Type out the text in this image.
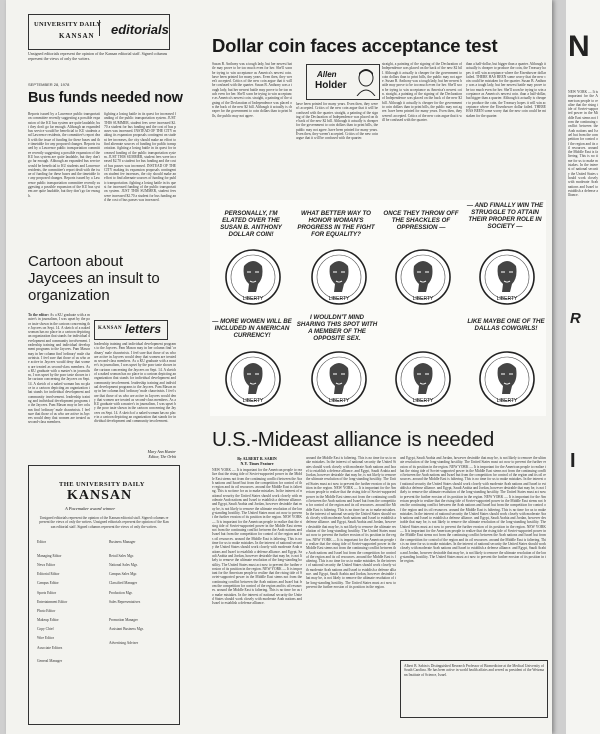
UNIVERSITY DAILY
KANSAN editorials
Unsigned editorials represent the opinion of the Kansan editorial staff. Signed columns represent the views of only the writers.
SEPTEMBER 28, 1978
Bus funds needed now
Reports issued by a Lawrence public transportation committee recently suggesting a possible expansion of the KU bus system are quite laudable, but they don't go far enough. Although an expanded bus service would be beneficial to KU students and Lawrence residents, the committee's report dealt with the issue of funding for these buses and the timetable for any proposed changes. Reports issued by a Lawrence public transportation committee recently suggesting a possible expansion of the KU bus system are quite laudable, but they don't go far enough. Although an expanded bus service would be beneficial to KU students and Lawrence residents, the committee's report dealt with the issue of funding for these buses and the timetable for any proposed changes. Reports issued by a Lawrence public transportation committee recently suggesting a possible expansion of the KU bus system are quite laudable, but they don't go far enough.
fighting a losing battle in its quest for increased funding of the public transportation system. JUST THIS SUMMER, student fees were increased $2.70 a student for bus funding and the cost of bus passes was increased. INSTEAD OF THE CITY making its expansion proposals contingent on student fee increases, the city should make an effort to find alternate sources of funding for public transportation. fighting a losing battle in its quest for increased funding of the public transportation system. JUST THIS SUMMER, student fees were increased $2.70 a student for bus funding and the cost of bus passes was increased. INSTEAD OF THE CITY making its expansion proposals contingent on student fee increases, the city should make an effort to find alternate sources of funding for public transportation. fighting a losing battle in its quest for increased funding of the public transportation system. JUST THIS SUMMER, student fees were increased $2.70 a student for bus funding and the cost of bus passes was increased.
Cartoon about Jaycees an insult to organization
To the editor: As a KU graduate with a master's in journalism, I was upset by the poor taste shown in the cartoon concerning the Jaycees on Sept. 14. A sketch of a naked woman has no place in a cartoon depicting an organization that stands for individual development and community involvement. leadership training and individual development programs to the Jaycees. Pam Mason may in her column find 'ordinary' male chauvinists. I feel sure that those of us who are active in Jaycees would deny that women are treated as second-class members. As a KU graduate with a master's in journalism, I was upset by the poor taste shown in the cartoon concerning the Jaycees on Sept. 14. A sketch of a naked woman has no place in a cartoon depicting an organization that stands for individual development and community involvement. leadership training and individual development programs to the Jaycees. Pam Mason may in her column find 'ordinary' male chauvinists. I feel sure that those of us who are active in Jaycees would deny that women are treated as second-class members.
KANSAN letters
leadership training and individual development programs to the Jaycees. Pam Mason may in her column find 'ordinary' male chauvinists. I feel sure that those of us who are active in Jaycees would deny that women are treated as second-class members. As a KU graduate with a master's in journalism, I was upset by the poor taste shown in the cartoon concerning the Jaycees on Sept. 14. A sketch of a naked woman has no place in a cartoon depicting an organization that stands for individual development and community involvement. leadership training and individual development programs to the Jaycees. Pam Mason may in her column find 'ordinary' male chauvinists. I feel sure that those of us who are active in Jaycees would deny that women are treated as second-class members. As a KU graduate with a master's in journalism, I was upset by the poor taste shown in the cartoon concerning the Jaycees on Sept. 14. A sketch of a naked woman has no place in a cartoon depicting an organization that stands for individual development and community involvement.
Mary Ann Hunter
Editor, The Orbit
THE UNIVERSITY DAILY
KANSAN
A Pacemaker award winner
Unsigned editorials represent the opinion of the Kansan editorial staff. Signed columns represent the views of only the writers. Unsigned editorials represent the opinion of the Kansan editorial staff. Signed columns represent the views of only the writers.
Editor

Managing Editor

News Editor

Editorial Editor

Campus Editor

Sports Editor

Entertainment Editor

Photo Editor

Makeup Editor

Copy Chief

Wire Editor

Associate Editors

General Manager
Business Manager

Retail Sales Mgr.

National Sales Mgr.

Campus Sales Mgr.

Classified Manager

Production Mgr.

Sales Representatives

Promotion Manager

Assistant Business Mgr.

Advertising Adviser
Dollar coin faces acceptance test
Susan B. Anthony was a tough lady, but her newest battle may prove to be too much even for her. She'll soon be trying to win acceptance as America's newest coin. have been printed for many years. Even then, they weren't accepted. Critics of the new coin argue that it will be confused with the quarter. Susan B. Anthony was a tough lady, but her newest battle may prove to be too much even for her. She'll soon be trying to win acceptance as America's newest coin. straight, a painting of the signing of the Declaration of Independence was placed on the back of the new $2 bill. Although it actually is cheaper for the government to coin dollars than to print bills, the public may not agree.
Allen
Holder
have been printed for many years. Even then, they weren't accepted. Critics of the new coin argue that it will be confused with the quarter. straight, a painting of the signing of the Declaration of Independence was placed on the back of the new $2 bill. Although it actually is cheaper for the government to coin dollars than to print bills, the public may not agree. have been printed for many years. Even then, they weren't accepted. Critics of the new coin argue that it will be confused with the quarter.
straight, a painting of the signing of the Declaration of Independence was placed on the back of the new $2 bill. Although it actually is cheaper for the government to coin dollars than to print bills, the public may not agree. Susan B. Anthony was a tough lady, but her newest battle may prove to be too much even for her. She'll soon be trying to win acceptance as America's newest coin. straight, a painting of the signing of the Declaration of Independence was placed on the back of the new $2 bill. Although it actually is cheaper for the government to coin dollars than to print bills, the public may not agree. have been printed for many years. Even then, they weren't accepted. Critics of the new coin argue that it will be confused with the quarter.
than a half-dollar, but bigger than a quarter. Although it actually is cheaper to produce the coin, the Treasury hopes it will win acceptance where the Eisenhower dollar failed. THERE HAS BEEN some worry that the new coin could be mistaken for the quarter. Susan B. Anthony was a tough lady, but her newest battle may prove to be too much even for her. She'll soon be trying to win acceptance as America's newest coin. than a half-dollar, but bigger than a quarter. Although it actually is cheaper to produce the coin, the Treasury hopes it will win acceptance where the Eisenhower dollar failed. THERE HAS BEEN some worry that the new coin could be mistaken for the quarter.
PERSONALLY, I'M ELATED OVER THE SUSAN B. ANTHONY DOLLAR COIN!
WHAT BETTER WAY TO HONOR WOMAN'S PROGRESS IN THE FIGHT FOR EQUALITY?
ONCE THEY THROW OFF THE SHACKLES OF OPPRESSION —
— AND FINALLY WIN THE STRUGGLE TO ATTAIN THEIR PROPER ROLE IN SOCIETY —
— MORE WOMEN WILL BE INCLUDED IN AMERICAN CURRENCY!
I WOULDN'T MIND SHARING THIS SPOT WITH A MEMBER OF THE OPPOSITE SEX.
LIKE MAYBE ONE OF THE DALLAS COWGIRLS!
LIBERTY	LIBERTY	LIBERTY	LIBERTY
LIBERTY	LIBERTY	LIBERTY	LIBERTY
U.S.-Mideast alliance is needed
By ALBERT B. SABIN
N.Y. Times Feature
NEW YORK — It is important for the American people to realize that the rising tide of Soviet-supported power in the Middle East stems not from the continuing conflict between the Arab nations and Israel but from the competition for control of the region and its oil resources. around the Middle East is faltering. This is no time for us to make mistakes. In the interest of national security the United States should work closely with moderate Arab nations and Israel to establish a defense alliance. and Egypt, Saudi Arabia and Jordan, however desirable that may be, is not likely to remove the ultimate resolution of the long-standing hostility. The United States must act now to prevent the further erosion of its position in the region. NEW YORK — It is important for the American people to realize that the rising tide of Soviet-supported power in the Middle East stems not from the continuing conflict between the Arab nations and Israel but from the competition for control of the region and its oil resources. around the Middle East is faltering. This is no time for us to make mistakes. In the interest of national security the United States should work closely with moderate Arab nations and Israel to establish a defense alliance. and Egypt, Saudi Arabia and Jordan, however desirable that may be, is not likely to remove the ultimate resolution of the long-standing hostility. The United States must act now to prevent the further erosion of its position in the region. NEW YORK — It is important for the American people to realize that the rising tide of Soviet-supported power in the Middle East stems not from the continuing conflict between the Arab nations and Israel but from the competition for control of the region and its oil resources. around the Middle East is faltering. This is no time for us to make mistakes. In the interest of national security the United States should work closely with moderate Arab nations and Israel to establish a defense alliance.
around the Middle East is faltering. This is no time for us to make mistakes. In the interest of national security the United States should work closely with moderate Arab nations and Israel to establish a defense alliance. and Egypt, Saudi Arabia and Jordan, however desirable that may be, is not likely to remove the ultimate resolution of the long-standing hostility. The United States must act now to prevent the further erosion of its position in the region. NEW YORK — It is important for the American people to realize that the rising tide of Soviet-supported power in the Middle East stems not from the continuing conflict between the Arab nations and Israel but from the competition for control of the region and its oil resources. around the Middle East is faltering. This is no time for us to make mistakes. In the interest of national security the United States should work closely with moderate Arab nations and Israel to establish a defense alliance. and Egypt, Saudi Arabia and Jordan, however desirable that may be, is not likely to remove the ultimate resolution of the long-standing hostility. The United States must act now to prevent the further erosion of its position in the region. NEW YORK — It is important for the American people to realize that the rising tide of Soviet-supported power in the Middle East stems not from the continuing conflict between the Arab nations and Israel but from the competition for control of the region and its oil resources. around the Middle East is faltering. This is no time for us to make mistakes. In the interest of national security the United States should work closely with moderate Arab nations and Israel to establish a defense alliance. and Egypt, Saudi Arabia and Jordan, however desirable that may be, is not likely to remove the ultimate resolution of the long-standing hostility. The United States must act now to prevent the further erosion of its position in the region.
and Egypt, Saudi Arabia and Jordan, however desirable that may be, is not likely to remove the ultimate resolution of the long-standing hostility. The United States must act now to prevent the further erosion of its position in the region. NEW YORK — It is important for the American people to realize that the rising tide of Soviet-supported power in the Middle East stems not from the continuing conflict between the Arab nations and Israel but from the competition for control of the region and its oil resources. around the Middle East is faltering. This is no time for us to make mistakes. In the interest of national security the United States should work closely with moderate Arab nations and Israel to establish a defense alliance. and Egypt, Saudi Arabia and Jordan, however desirable that may be, is not likely to remove the ultimate resolution of the long-standing hostility. The United States must act now to prevent the further erosion of its position in the region. NEW YORK — It is important for the American people to realize that the rising tide of Soviet-supported power in the Middle East stems not from the continuing conflict between the Arab nations and Israel but from the competition for control of the region and its oil resources. around the Middle East is faltering. This is no time for us to make mistakes. In the interest of national security the United States should work closely with moderate Arab nations and Israel to establish a defense alliance. and Egypt, Saudi Arabia and Jordan, however desirable that may be, is not likely to remove the ultimate resolution of the long-standing hostility. The United States must act now to prevent the further erosion of its position in the region. NEW YORK — It is important for the American people to realize that the rising tide of Soviet-supported power in the Middle East stems not from the continuing conflict between the Arab nations and Israel but from the competition for control of the region and its oil resources. around the Middle East is faltering. This is no time for us to make mistakes. In the interest of national security the United States should work closely with moderate Arab nations and Israel to establish a defense alliance. and Egypt, Saudi Arabia and Jordan, however desirable that may be, is not likely to remove the ultimate resolution of the long-standing hostility. The United States must act now to prevent the further erosion of its position in the region.
Albert B. Sabin is Distinguished Research Professor of Biomedicine at the Medical University of South Carolina. He has been active in world health affairs and served as president of the Weizmann Institute of Science, Israel.
N
NEW YORK — It is important for the American people to realize that the rising tide of Soviet-supported power in the Middle East stems not from the continuing conflict between the Arab nations and Israel but from the competition for control of the region and its oil resources. around the Middle East is faltering. This is no time for us to make mistakes. In the interest of national security the United States should work closely with moderate Arab nations and Israel to establish a defense alliance.
R
I
